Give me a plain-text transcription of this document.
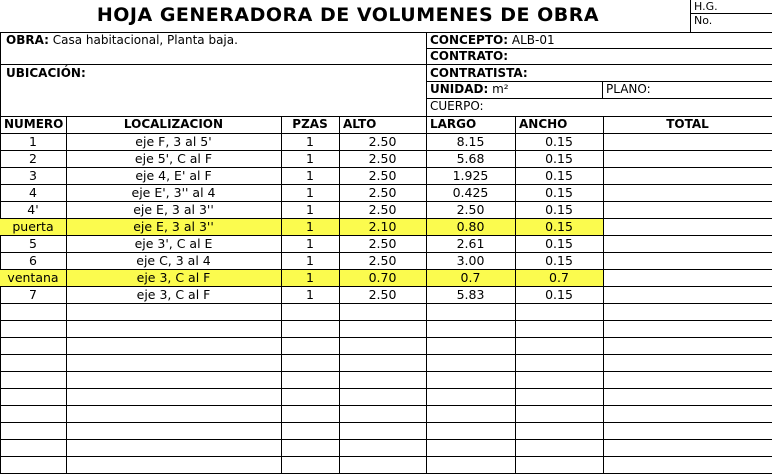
HOJA GENERADORA DE VOLUMENES DE OBRA	H.G.
No.
OBRA: Casa habitacional, Planta baja.	CONCEPTO: ALB-01
CONTRATO:
UBICACIÓN:	CONTRATISTA:
UNIDAD: m²	PLANO:
CUERPO:
NUMERO	LOCALIZACION	PZAS	ALTO	LARGO	ANCHO	TOTAL
1	eje F, 3 al 5'	1	2.50	8.15	0.15
2	eje 5', C al F	1	2.50	5.68	0.15
3	eje 4, E' al F	1	2.50	1.925	0.15
4	eje E', 3'' al 4	1	2.50	0.425	0.15
4'	eje E, 3 al 3''	1	2.50	2.50	0.15
puerta	eje E, 3 al 3''	1	2.10	0.80	0.15
5	eje 3', C al E	1	2.50	2.61	0.15
6	eje C, 3 al 4	1	2.50	3.00	0.15
ventana	eje 3, C al F	1	0.70	0.7	0.7
7	eje 3, C al F	1	2.50	5.83	0.15
